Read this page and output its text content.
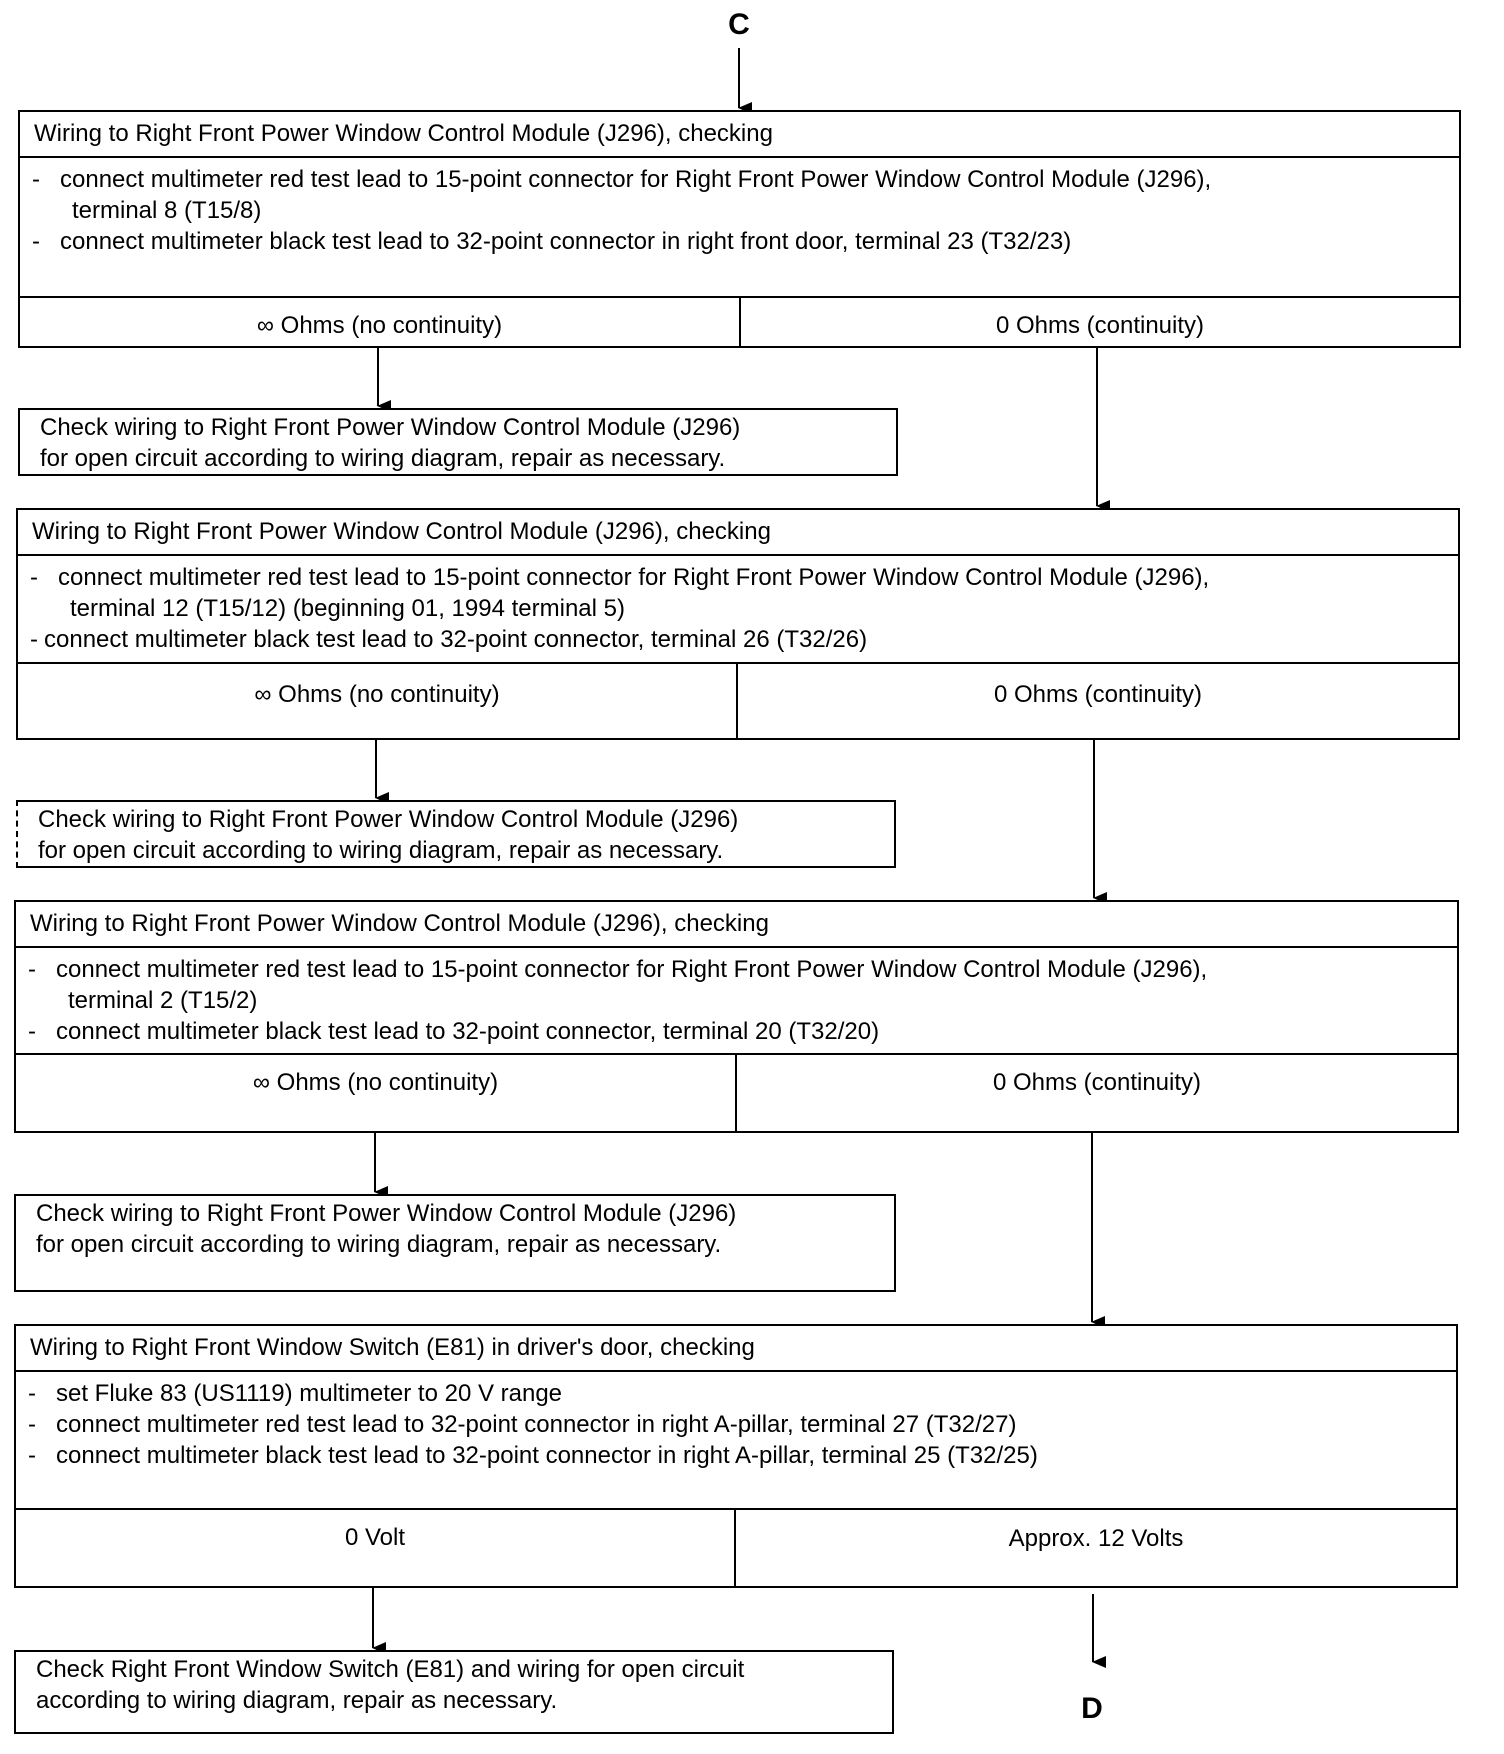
C
Wiring to Right Front Power Window Control Module (J296), checking
- connect multimeter red test lead to 15-point connector for Right Front Power Window Control Module (J296),
terminal 8 (T15/8)
- connect multimeter black test lead to 32-point connector in right front door, terminal 23 (T32/23)
∞ Ohms (no continuity)	0 Ohms (continuity)
Check wiring to Right Front Power Window Control Module (J296)
for open circuit according to wiring diagram, repair as necessary.
Wiring to Right Front Power Window Control Module (J296), checking
- connect multimeter red test lead to 15-point connector for Right Front Power Window Control Module (J296),
terminal 12 (T15/12) (beginning 01, 1994 terminal 5)
- connect multimeter black test lead to 32-point connector, terminal 26 (T32/26)
∞ Ohms (no continuity)	0 Ohms (continuity)
Check wiring to Right Front Power Window Control Module (J296)
for open circuit according to wiring diagram, repair as necessary.
Wiring to Right Front Power Window Control Module (J296), checking
- connect multimeter red test lead to 15-point connector for Right Front Power Window Control Module (J296),
terminal 2 (T15/2)
- connect multimeter black test lead to 32-point connector, terminal 20 (T32/20)
∞ Ohms (no continuity)	0 Ohms (continuity)
Check wiring to Right Front Power Window Control Module (J296)
for open circuit according to wiring diagram, repair as necessary.
Wiring to Right Front Window Switch (E81) in driver's door, checking
- set Fluke 83 (US1119) multimeter to 20 V range
- connect multimeter red test lead to 32-point connector in right A-pillar, terminal 27 (T32/27)
- connect multimeter black test lead to 32-point connector in right A-pillar, terminal 25 (T32/25)
0 Volt	Approx. 12 Volts
Check Right Front Window Switch (E81) and wiring for open circuit
according to wiring diagram, repair as necessary.	D
